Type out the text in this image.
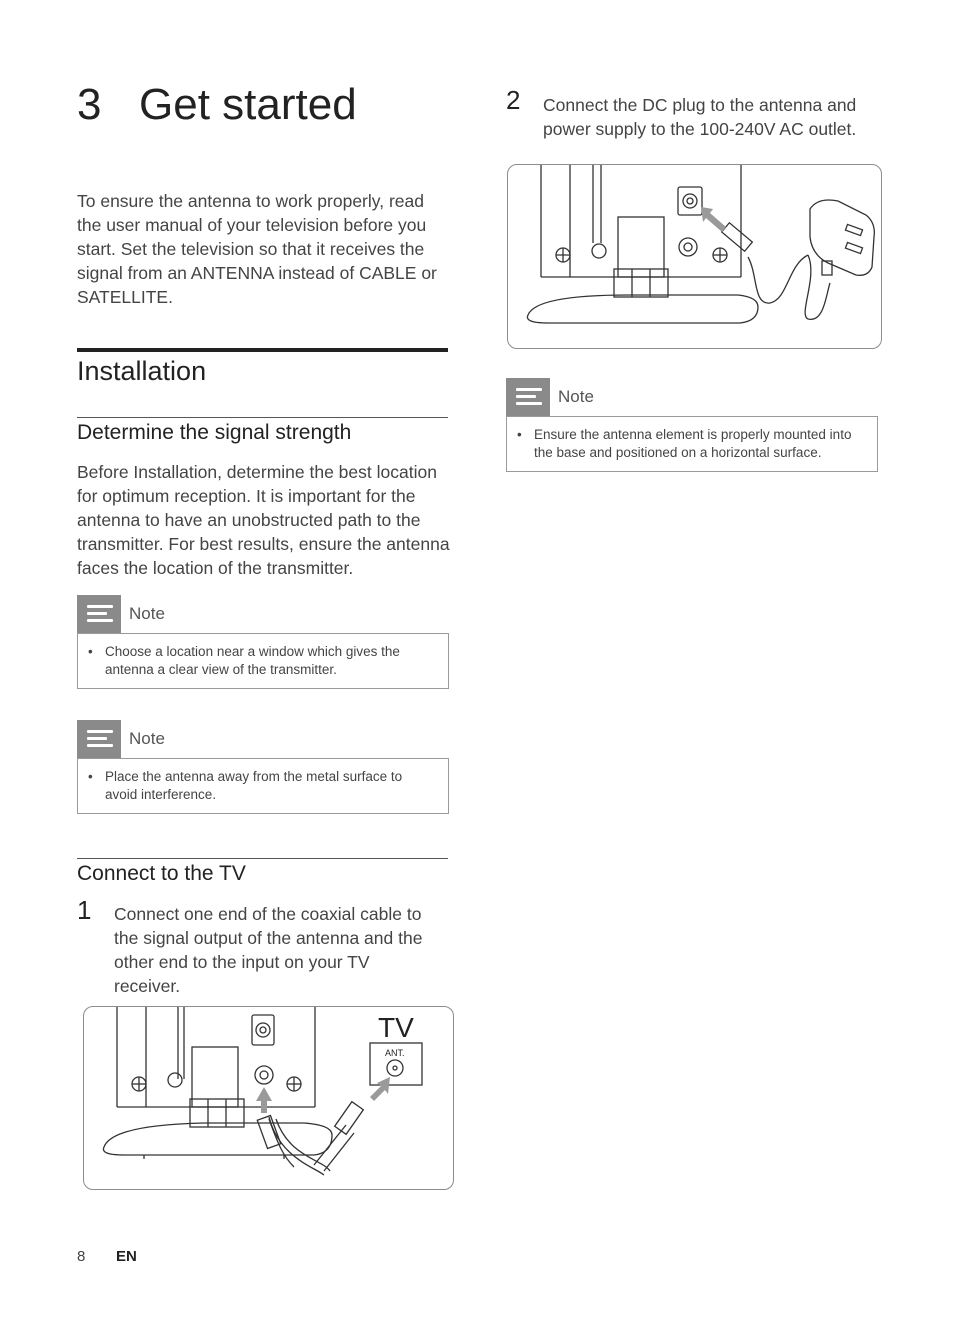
3 Get started

To ensure the antenna to work properly, read the user manual of your television before you start. Set the television so that it receives the signal from an ANTENNA instead of CABLE or SATELLITE.

Installation
Determine the signal strength

Before Installation, determine the best location for optimum reception. It is important for the antenna to have an unobstructed path to the transmitter. For best results, ensure the antenna faces the location of the transmitter.

Note
• Choose a location near a window which gives the antenna a clear view of the transmitter.
Note
• Place the antenna away from the metal surface to avoid interference.
Connect to the TV
1 Connect one end of the coaxial cable to the signal output of the antenna and the other end to the input on your TV receiver.

TV
ANT.
2 Connect the DC plug to the antenna and power supply to the 100-240V AC outlet.

Note
• Ensure the antenna element is properly mounted into the base and positioned on a horizontal surface.
8 EN
